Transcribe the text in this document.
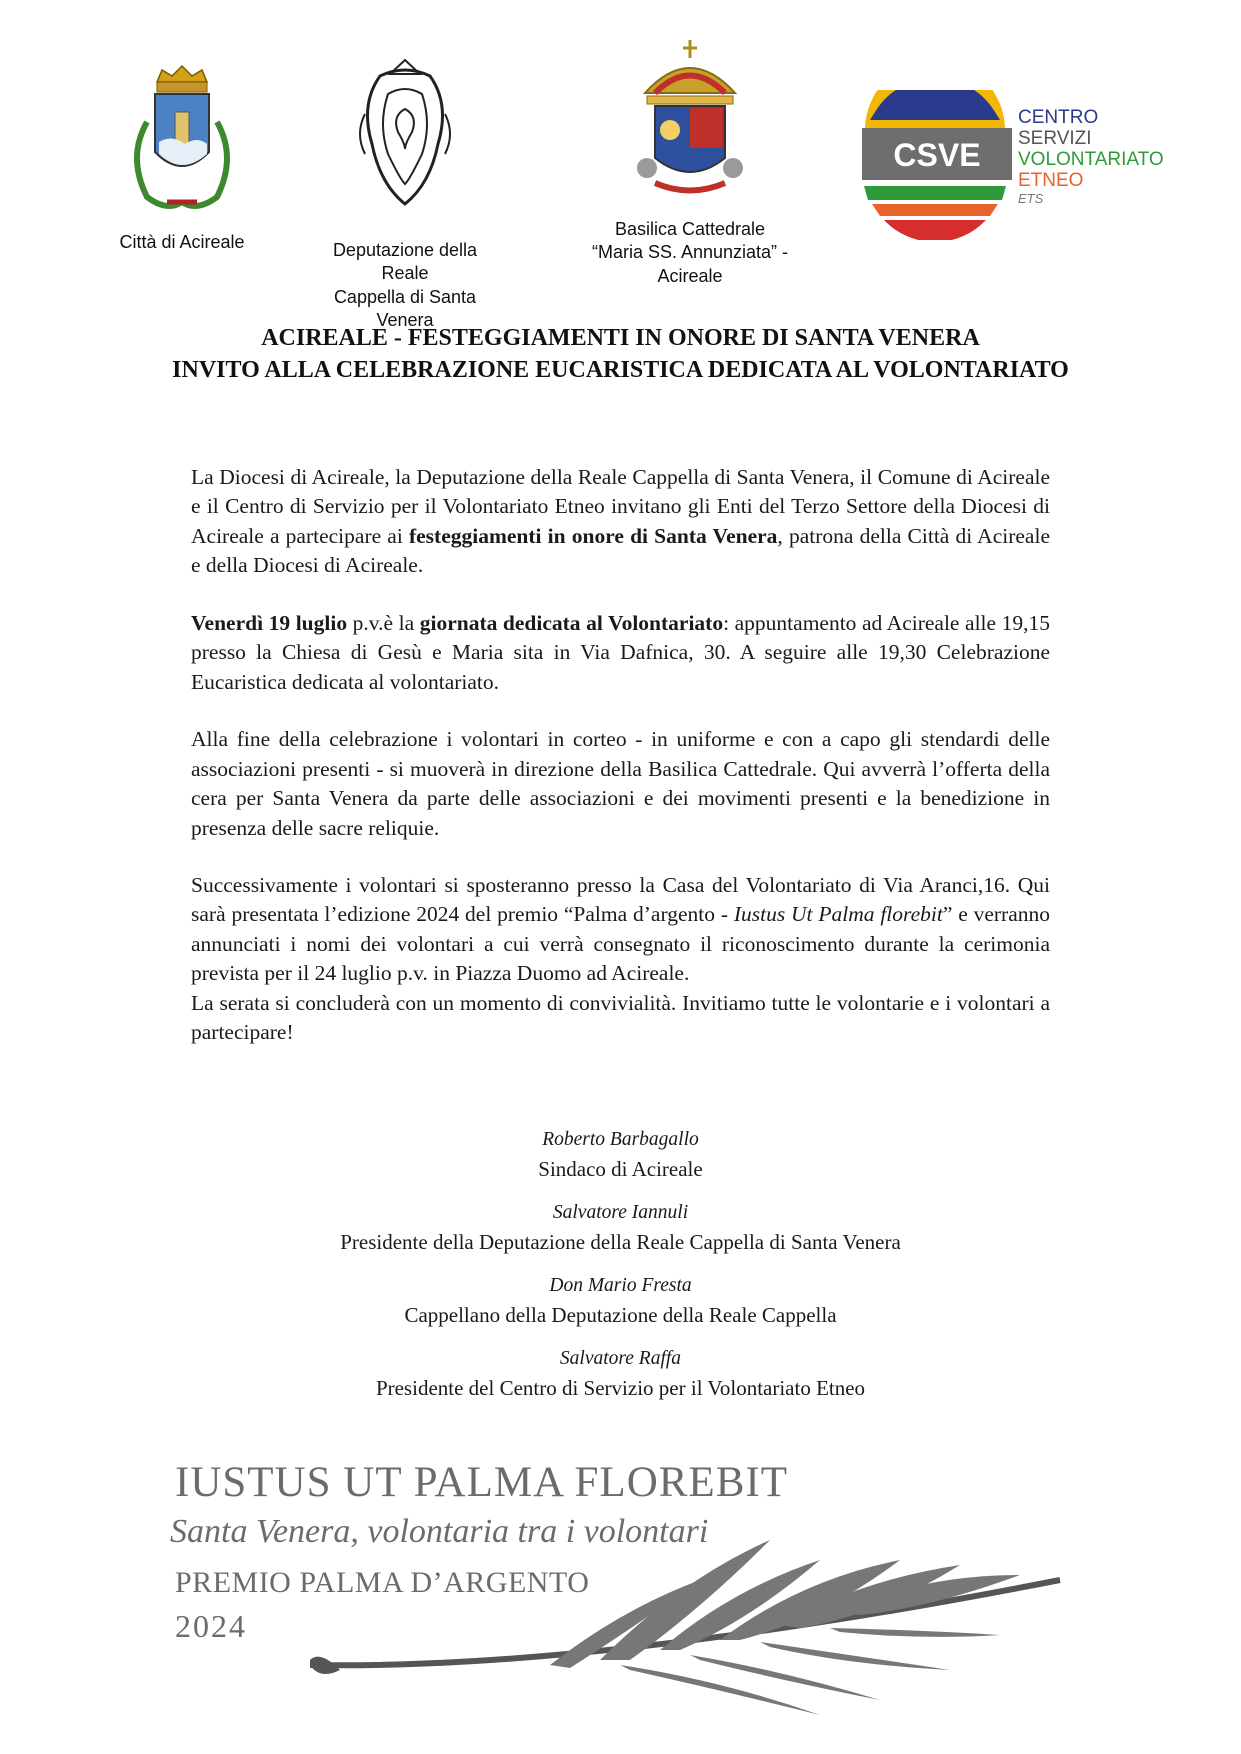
Città di Acireale	Deputazione della Reale
Cappella di Santa Venera
Basilica Cattedrale
“Maria SS. Annunziata” - Acireale
CSVE
CENTRO
SERVIZI
VOLONTARIATO
ETNEO
ETS
ACIREALE - FESTEGGIAMENTI IN ONORE DI SANTA VENERA
INVITO ALLA CELEBRAZIONE EUCARISTICA DEDICATA AL VOLONTARIATO

La Diocesi di Acireale, la Deputazione della Reale Cappella di Santa Venera, il Comune di Acireale e il Centro di Servizio per il Volontariato Etneo invitano gli Enti del Terzo Settore della Diocesi di Acireale a partecipare ai festeggiamenti in onore di Santa Venera, patrona della Città di Acireale e della Diocesi di Acireale.

Venerdì 19 luglio p.v.è la giornata dedicata al Volontariato: appuntamento ad Acireale alle 19,15 presso la Chiesa di Gesù e Maria sita in Via Dafnica, 30. A seguire alle 19,30 Celebrazione Eucaristica dedicata al volontariato.

Alla fine della celebrazione i volontari in corteo - in uniforme e con a capo gli stendardi delle associazioni presenti - si muoverà in direzione della Basilica Cattedrale. Qui avverrà l’offerta della cera per Santa Venera da parte delle associazioni e dei movimenti presenti e la benedizione in presenza delle sacre reliquie.

Successivamente i volontari si sposteranno presso la Casa del Volontariato di Via Aranci,16. Qui sarà presentata l’edizione 2024 del premio “Palma d’argento - Iustus Ut Palma florebit” e verranno annunciati i nomi dei volontari a cui verrà consegnato il riconoscimento durante la cerimonia prevista per il 24 luglio p.v. in Piazza Duomo ad Acireale.

La serata si concluderà con un momento di convivialità. Invitiamo tutte le volontarie e i volontari a partecipare!

Roberto Barbagallo
Sindaco di Acireale
Salvatore Iannuli
Presidente della Deputazione della Reale Cappella di Santa Venera
Don Mario Fresta
Cappellano della Deputazione della Reale Cappella
Salvatore Raffa
Presidente del Centro di Servizio per il Volontariato Etneo
IUSTUS UT PALMA FLOREBIT
Santa Venera, volontaria tra i volontari
PREMIO PALMA D’ARGENTO
2024
